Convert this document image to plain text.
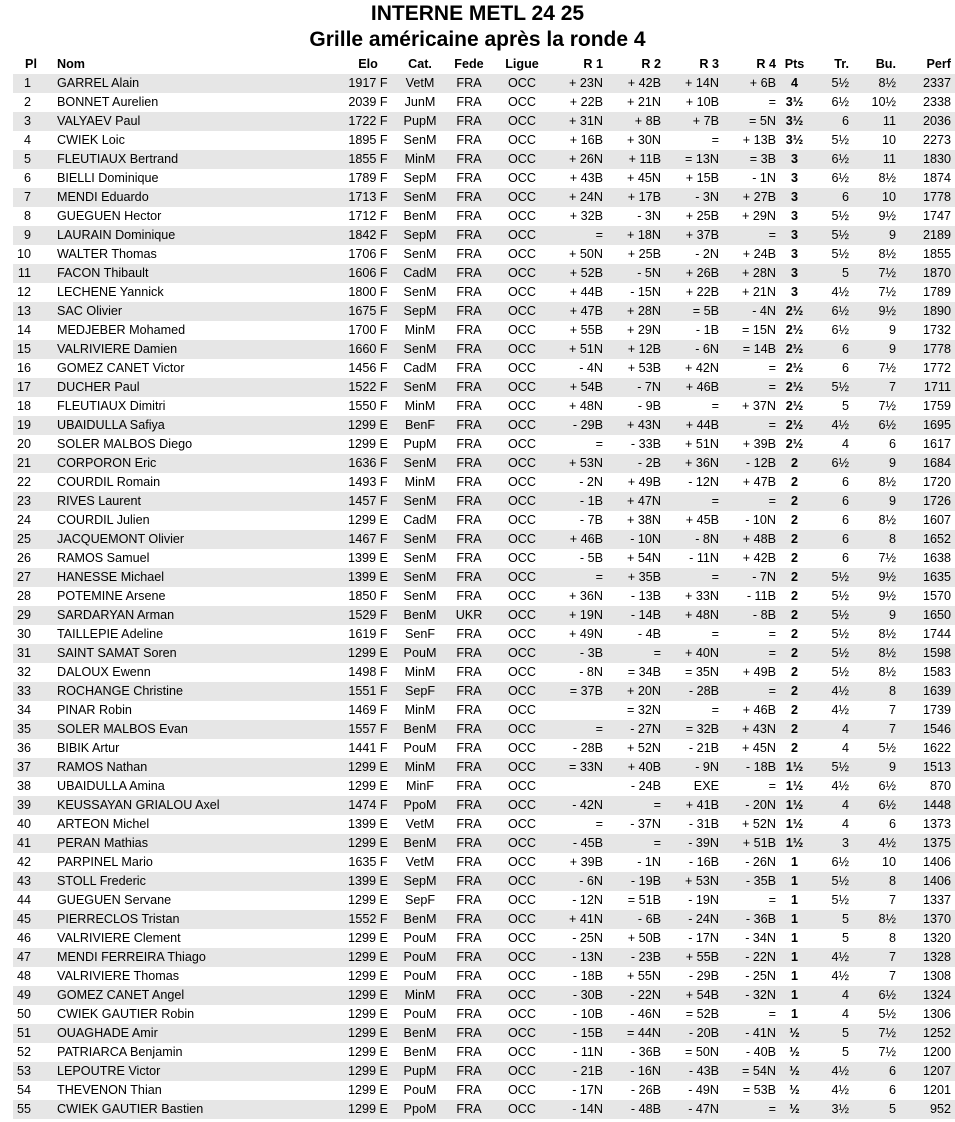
INTERNE METL 24 25
Grille américaine après la ronde 4
Pl	Nom	Elo	Cat.	Fede	Ligue	R 1	R 2	R 3	R 4	Pts	Tr.	Bu.	Perf
1	GARREL Alain	1917 F	VetM	FRA	OCC	+ 23N	+ 42B	+ 14N	+ 6B	4	5½	8½	2337
2	BONNET Aurelien	2039 F	JunM	FRA	OCC	+ 22B	+ 21N	+ 10B	=	3½	6½	10½	2338
3	VALYAEV Paul	1722 F	PupM	FRA	OCC	+ 31N	+ 8B	+ 7B	= 5N	3½	6	11	2036
4	CWIEK Loic	1895 F	SenM	FRA	OCC	+ 16B	+ 30N	=	+ 13B	3½	5½	10	2273
5	FLEUTIAUX Bertrand	1855 F	MinM	FRA	OCC	+ 26N	+ 11B	= 13N	= 3B	3	6½	11	1830
6	BIELLI Dominique	1789 F	SepM	FRA	OCC	+ 43B	+ 45N	+ 15B	- 1N	3	6½	8½	1874
7	MENDI Eduardo	1713 F	SenM	FRA	OCC	+ 24N	+ 17B	- 3N	+ 27B	3	6	10	1778
8	GUEGUEN Hector	1712 F	BenM	FRA	OCC	+ 32B	- 3N	+ 25B	+ 29N	3	5½	9½	1747
9	LAURAIN Dominique	1842 F	SepM	FRA	OCC	=	+ 18N	+ 37B	=	3	5½	9	2189
10	WALTER Thomas	1706 F	SenM	FRA	OCC	+ 50N	+ 25B	- 2N	+ 24B	3	5½	8½	1855
11	FACON Thibault	1606 F	CadM	FRA	OCC	+ 52B	- 5N	+ 26B	+ 28N	3	5	7½	1870
12	LECHENE Yannick	1800 F	SenM	FRA	OCC	+ 44B	- 15N	+ 22B	+ 21N	3	4½	7½	1789
13	SAC Olivier	1675 F	SepM	FRA	OCC	+ 47B	+ 28N	= 5B	- 4N	2½	6½	9½	1890
14	MEDJEBER Mohamed	1700 F	MinM	FRA	OCC	+ 55B	+ 29N	- 1B	= 15N	2½	6½	9	1732
15	VALRIVIERE Damien	1660 F	SenM	FRA	OCC	+ 51N	+ 12B	- 6N	= 14B	2½	6	9	1778
16	GOMEZ CANET Victor	1456 F	CadM	FRA	OCC	- 4N	+ 53B	+ 42N	=	2½	6	7½	1772
17	DUCHER Paul	1522 F	SenM	FRA	OCC	+ 54B	- 7N	+ 46B	=	2½	5½	7	1711
18	FLEUTIAUX Dimitri	1550 F	MinM	FRA	OCC	+ 48N	- 9B	=	+ 37N	2½	5	7½	1759
19	UBAIDULLA Safiya	1299 E	BenF	FRA	OCC	- 29B	+ 43N	+ 44B	=	2½	4½	6½	1695
20	SOLER MALBOS Diego	1299 E	PupM	FRA	OCC	=	- 33B	+ 51N	+ 39B	2½	4	6	1617
21	CORPORON Eric	1636 F	SenM	FRA	OCC	+ 53N	- 2B	+ 36N	- 12B	2	6½	9	1684
22	COURDIL Romain	1493 F	MinM	FRA	OCC	- 2N	+ 49B	- 12N	+ 47B	2	6	8½	1720
23	RIVES Laurent	1457 F	SenM	FRA	OCC	- 1B	+ 47N	=	=	2	6	9	1726
24	COURDIL Julien	1299 E	CadM	FRA	OCC	- 7B	+ 38N	+ 45B	- 10N	2	6	8½	1607
25	JACQUEMONT Olivier	1467 F	SenM	FRA	OCC	+ 46B	- 10N	- 8N	+ 48B	2	6	8	1652
26	RAMOS Samuel	1399 E	SenM	FRA	OCC	- 5B	+ 54N	- 11N	+ 42B	2	6	7½	1638
27	HANESSE Michael	1399 E	SenM	FRA	OCC	=	+ 35B	=	- 7N	2	5½	9½	1635
28	POTEMINE Arsene	1850 F	SenM	FRA	OCC	+ 36N	- 13B	+ 33N	- 11B	2	5½	9½	1570
29	SARDARYAN Arman	1529 F	BenM	UKR	OCC	+ 19N	- 14B	+ 48N	- 8B	2	5½	9	1650
30	TAILLEPIE Adeline	1619 F	SenF	FRA	OCC	+ 49N	- 4B	=	=	2	5½	8½	1744
31	SAINT SAMAT Soren	1299 E	PouM	FRA	OCC	- 3B	=	+ 40N	=	2	5½	8½	1598
32	DALOUX Ewenn	1498 F	MinM	FRA	OCC	- 8N	= 34B	= 35N	+ 49B	2	5½	8½	1583
33	ROCHANGE Christine	1551 F	SepF	FRA	OCC	= 37B	+ 20N	- 28B	=	2	4½	8	1639
34	PINAR Robin	1469 F	MinM	FRA	OCC		= 32N	=	+ 46B	2	4½	7	1739
35	SOLER MALBOS Evan	1557 F	BenM	FRA	OCC	=	- 27N	= 32B	+ 43N	2	4	7	1546
36	BIBIK Artur	1441 F	PouM	FRA	OCC	- 28B	+ 52N	- 21B	+ 45N	2	4	5½	1622
37	RAMOS Nathan	1299 E	MinM	FRA	OCC	= 33N	+ 40B	- 9N	- 18B	1½	5½	9	1513
38	UBAIDULLA Amina	1299 E	MinF	FRA	OCC		- 24B	EXE	=	1½	4½	6½	870
39	KEUSSAYAN GRIALOU Axel	1474 F	PpoM	FRA	OCC	- 42N	=	+ 41B	- 20N	1½	4	6½	1448
40	ARTEON Michel	1399 E	VetM	FRA	OCC	=	- 37N	- 31B	+ 52N	1½	4	6	1373
41	PERAN Mathias	1299 E	BenM	FRA	OCC	- 45B	=	- 39N	+ 51B	1½	3	4½	1375
42	PARPINEL Mario	1635 F	VetM	FRA	OCC	+ 39B	- 1N	- 16B	- 26N	1	6½	10	1406
43	STOLL Frederic	1399 E	SepM	FRA	OCC	- 6N	- 19B	+ 53N	- 35B	1	5½	8	1406
44	GUEGUEN Servane	1299 E	SepF	FRA	OCC	- 12N	= 51B	- 19N	=	1	5½	7	1337
45	PIERRECLOS Tristan	1552 F	BenM	FRA	OCC	+ 41N	- 6B	- 24N	- 36B	1	5	8½	1370
46	VALRIVIERE Clement	1299 E	PouM	FRA	OCC	- 25N	+ 50B	- 17N	- 34N	1	5	8	1320
47	MENDI FERREIRA Thiago	1299 E	PouM	FRA	OCC	- 13N	- 23B	+ 55B	- 22N	1	4½	7	1328
48	VALRIVIERE Thomas	1299 E	PouM	FRA	OCC	- 18B	+ 55N	- 29B	- 25N	1	4½	7	1308
49	GOMEZ CANET Angel	1299 E	MinM	FRA	OCC	- 30B	- 22N	+ 54B	- 32N	1	4	6½	1324
50	CWIEK GAUTIER Robin	1299 E	PouM	FRA	OCC	- 10B	- 46N	= 52B	=	1	4	5½	1306
51	OUAGHADE Amir	1299 E	BenM	FRA	OCC	- 15B	= 44N	- 20B	- 41N	½	5	7½	1252
52	PATRIARCA Benjamin	1299 E	BenM	FRA	OCC	- 11N	- 36B	= 50N	- 40B	½	5	7½	1200
53	LEPOUTRE Victor	1299 E	PupM	FRA	OCC	- 21B	- 16N	- 43B	= 54N	½	4½	6	1207
54	THEVENON Thian	1299 E	PouM	FRA	OCC	- 17N	- 26B	- 49N	= 53B	½	4½	6	1201
55	CWIEK GAUTIER Bastien	1299 E	PpoM	FRA	OCC	- 14N	- 48B	- 47N	=	½	3½	5	952
